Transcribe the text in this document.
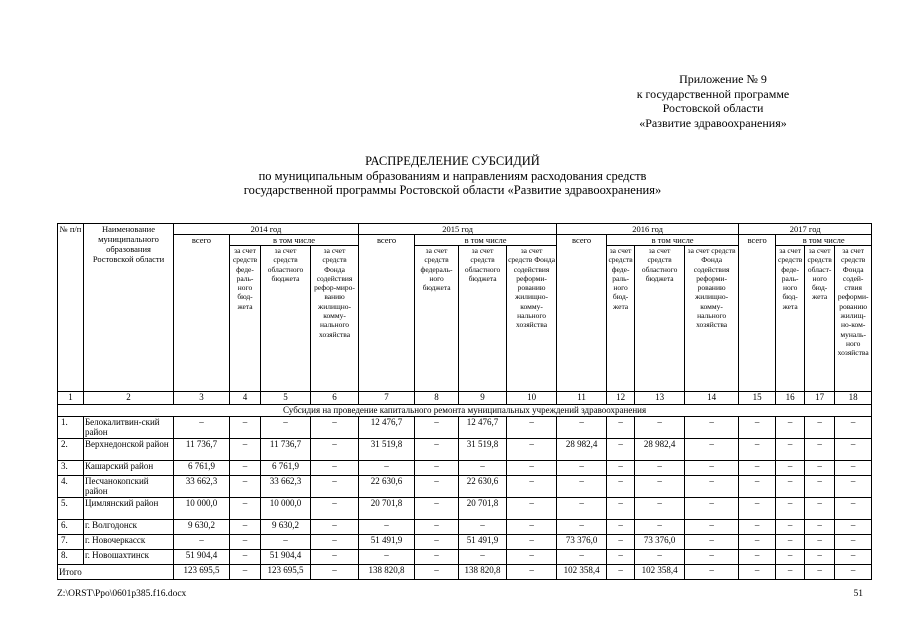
Приложение № 9
к государственной программе
Ростовской области
«Развитие здравоохранения»
РАСПРЕДЕЛЕНИЕ СУБСИДИЙ
по муниципальным образованиям и направлениям расходования средств
государственной программы Ростовской области «Развитие здравоохранения»
№ п/п	Наименование муниципального образования Ростовской области	2014 год				2015 год				2016 год				2017 год			
		всего	в том числе			всего	в том числе			всего	в том числе			всего	в том числе		
			за счет средств феде-раль-ного бюд-жета	за счет средств областного бюджета	за счет средств Фонда содействия рефор-миро-ванию жилищно-комму-нального хозяйства		за счет средств федераль-ного бюджета	за счет средств областного бюджета	за счет средств Фонда содействия реформи-рованию жилищно-комму-нального хозяйства		за счет средств феде-раль-ного бюд-жета	за счет средств областного бюджета	за счет средств Фонда содействия реформи-рованию жилищно-комму-нального хозяйства		за счет средств феде-раль-ного бюд-жета	за счет средств област-ного бюд-жета	за счет средств Фонда содей-ствия реформи-рованию жилищ-но-ком-муналь-ного хозяйства
1	2	3	4	5	6	7	8	9	10	11	12	13	14	15	16	17	18
Субсидия на проведение капитального ремонта муниципальных учреждений здравоохранения																	
1.	Белокалитвин-ский район	–	–	–	–	12 476,7	–	12 476,7	–	–	–	–	–	–	–	–	–
2.	Верхнедонской район	11 736,7	–	11 736,7	–	31 519,8	–	31 519,8	–	28 982,4	–	28 982,4	–	–	–	–	–
3.	Кашарский район	6 761,9	–	6 761,9	–	–	–	–	–	–	–	–	–	–	–	–	–
4.	Песчанокопский район	33 662,3	–	33 662,3	–	22 630,6	–	22 630,6	–	–	–	–	–	–	–	–	–
5.	Цимлянский район	10 000,0	–	10 000,0	–	20 701,8	–	20 701,8	–	–	–	–	–	–	–	–	–
6.	г. Волгодонск	9 630,2	–	9 630,2	–	–	–	–	–	–	–	–	–	–	–	–	–
7.	г. Новочеркасск	–	–	–	–	51 491,9	–	51 491,9	–	73 376,0	–	73 376,0	–	–	–	–	–
8.	г. Новошахтинск	51 904,4	–	51 904,4	–	–	–	–	–	–	–	–	–	–	–	–	–
Итого		123 695,5	–	123 695,5	–	138 820,8	–	138 820,8	–	102 358,4	–	102 358,4	–	–	–	–	–
Z:\ORST\Ppo\0601p385.f16.docx	51
